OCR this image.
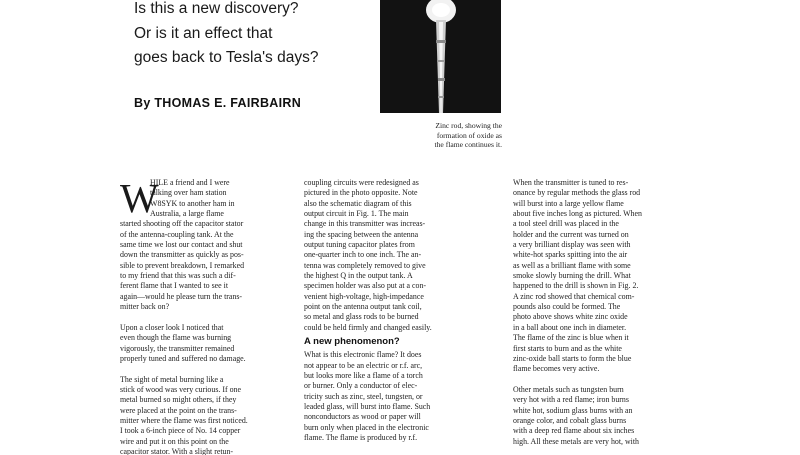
Is this a new discovery?
Or is it an effect that
goes back to Tesla's days?
By THOMAS E. FAIRBAIRN
Zinc rod, showing the
formation of oxide as
the flame continues it.
W
HILE a friend and I were
talking over ham station
W8SYK to another ham in
Australia, a large flame
started shooting off the capacitor stator
of the antenna-coupling tank. At the
same time we lost our contact and shut
down the transmitter as quickly as pos-
sible to prevent breakdown, I remarked
to my friend that this was such a dif-
ferent flame that I wanted to see it
again—would he please turn the trans-
mitter back on?
Upon a closer look I noticed that
even though the flame was burning
vigorously, the transmitter remained
properly tuned and suffered no damage.
The sight of metal burning like a
stick of wood was very curious. If one
metal burned so might others, if they
were placed at the point on the trans-
mitter where the flame was first noticed.
I took a 6-inch piece of No. 14 copper
wire and put it on this point on the
capacitor stator. With a slight retun-
coupling circuits were redesigned as
pictured in the photo opposite. Note
also the schematic diagram of this
output circuit in Fig. 1. The main
change in this transmitter was increas-
ing the spacing between the antenna
output tuning capacitor plates from
one-quarter inch to one inch. The an-
tenna was completely removed to give
the highest Q in the output tank. A
specimen holder was also put at a con-
venient high-voltage, high-impedance
point on the antenna output tank coil,
so metal and glass rods to be burned
could be held firmly and changed easily.
A new phenomenon?
What is this electronic flame? It does
not appear to be an electric or r.f. arc,
but looks more like a flame of a torch
or burner. Only a conductor of elec-
tricity such as zinc, steel, tungsten, or
leaded glass, will burst into flame. Such
nonconductors as wood or paper will
burn only when placed in the electronic
flame. The flame is produced by r.f.
When the transmitter is tuned to res-
onance by regular methods the glass rod
will burst into a large yellow flame
about five inches long as pictured. When
a tool steel drill was placed in the
holder and the current was turned on
a very brilliant display was seen with
white-hot sparks spitting into the air
as well as a brilliant flame with some
smoke slowly burning the drill. What
happened to the drill is shown in Fig. 2.
A zinc rod showed that chemical com-
pounds also could be formed. The
photo above shows white zinc oxide
in a ball about one inch in diameter.
The flame of the zinc is blue when it
first starts to burn and as the white
zinc-oxide ball starts to form the blue
flame becomes very active.
Other metals such as tungsten burn
very hot with a red flame; iron burns
white hot, sodium glass burns with an
orange color, and cobalt glass burns
with a deep red flame about six inches
high. All these metals are very hot, with
